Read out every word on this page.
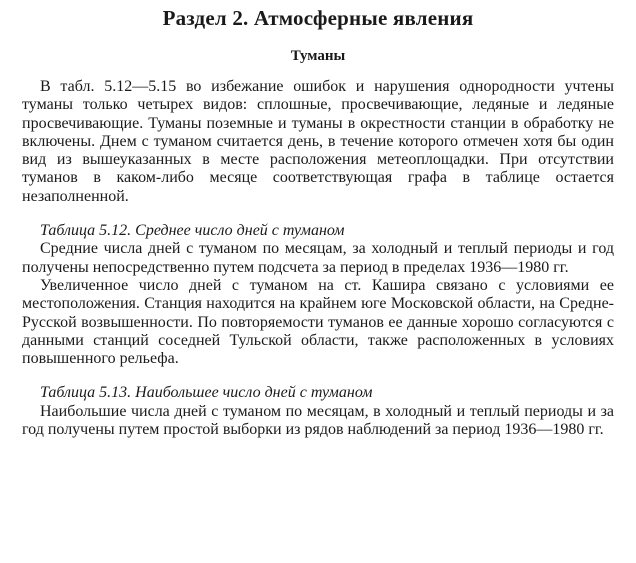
Раздел 2. Атмосферные явления
Туманы

В табл. 5.12—5.15 во избежание ошибок и нарушения однородности учтены туманы только четырех видов: сплошные, просвечивающие, ледяные и ледяные просвечивающие. Туманы поземные и туманы в окрестности станции в обработку не включены. Днем с туманом считается день, в течение которого отмечен хотя бы один вид из вышеуказанных в месте расположения метеоплощадки. При отсутствии туманов в каком-либо месяце соответствующая графа в таблице остается незаполненной.

Таблица 5.12. Среднее число дней с туманом

Средние числа дней с туманом по месяцам, за холодный и теплый периоды и год получены непосредственно путем подсчета за период в пределах 1936—1980 гг.

Увеличенное число дней с туманом на ст. Кашира связано с условиями ее местоположения. Станция находится на крайнем юге Московской области, на Средне-Русской возвышенности. По повторяемости туманов ее данные хорошо согласуются с данными станций соседней Тульской области, также расположенных в условиях повышенного рельефа.

Таблица 5.13. Наибольшее число дней с туманом

Наибольшие числа дней с туманом по месяцам, в холодный и теплый периоды и за год получены путем простой выборки из рядов наблюдений за период 1936—1980 гг.
